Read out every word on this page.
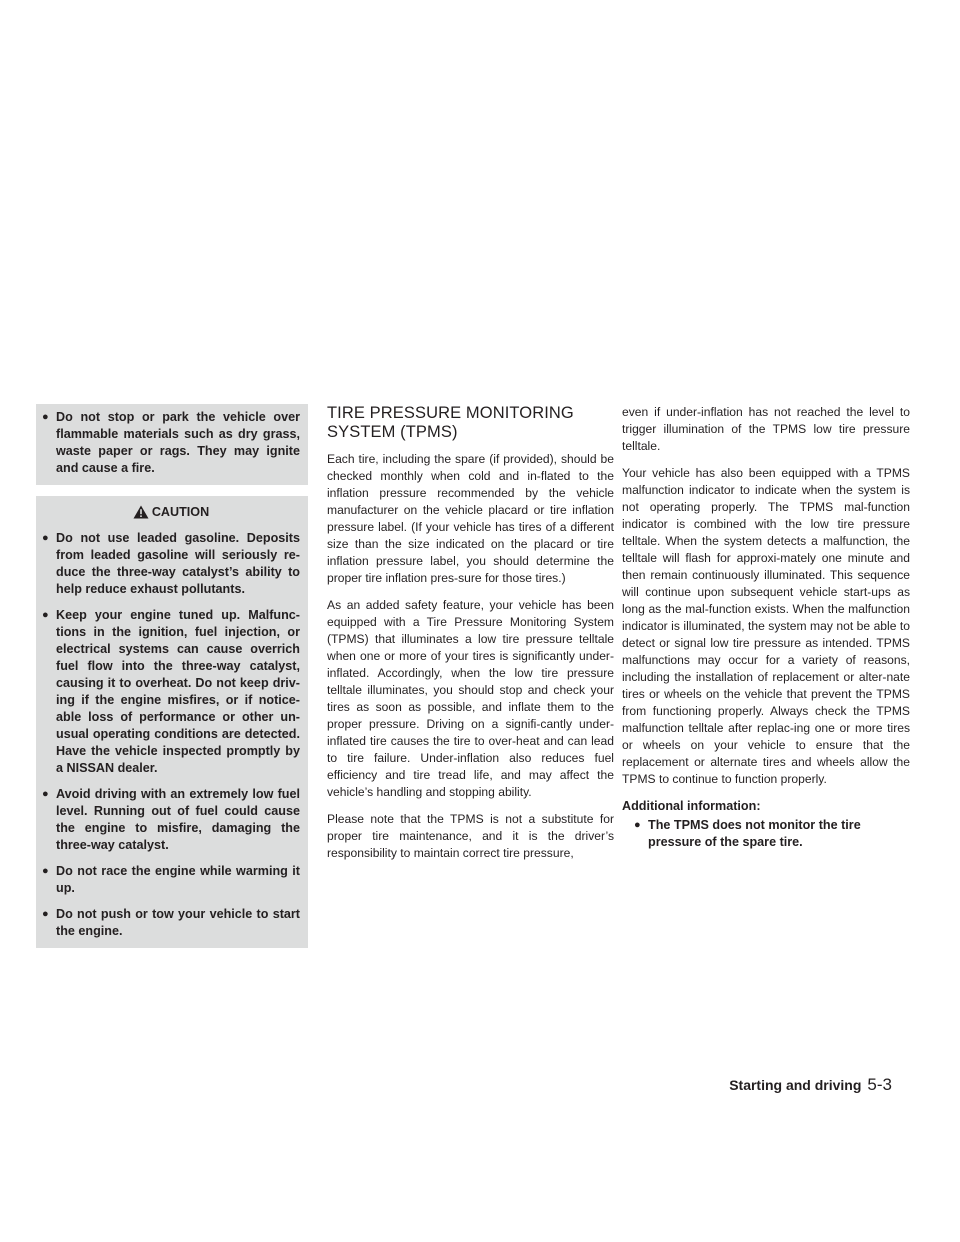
● Do not stop or park the vehicle over flammable materials such as dry grass, waste paper or rags. They may ignite and cause a fire.
CAUTION
● Do not use leaded gasoline. Deposits from leaded gasoline will seriously re-duce the three-way catalyst’s ability to help reduce exhaust pollutants.
● Keep your engine tuned up. Malfunc-tions in the ignition, fuel injection, or electrical systems can cause overrich fuel flow into the three-way catalyst, causing it to overheat. Do not keep driv-ing if the engine misfires, or if notice-able loss of performance or other un-usual operating conditions are detected. Have the vehicle inspected promptly by a NISSAN dealer.
● Avoid driving with an extremely low fuel level. Running out of fuel could cause the engine to misfire, damaging the three-way catalyst.
● Do not race the engine while warming it up.
● Do not push or tow your vehicle to start the engine.
TIRE PRESSURE MONITORING SYSTEM (TPMS)

Each tire, including the spare (if provided), should be checked monthly when cold and in-flated to the inflation pressure recommended by the vehicle manufacturer on the vehicle placard or tire inflation pressure label. (If your vehicle has tires of a different size than the size indicated on the placard or tire inflation pressure label, you should determine the proper tire inflation pres-sure for those tires.)

As an added safety feature, your vehicle has been equipped with a Tire Pressure Monitoring System (TPMS) that illuminates a low tire pressure telltale when one or more of your tires is significantly under-inflated. Accordingly, when the low tire pressure telltale illuminates, you should stop and check your tires as soon as possible, and inflate them to the proper pressure. Driving on a signifi-cantly under-inflated tire causes the tire to over-heat and can lead to tire failure. Under-inflation also reduces fuel efficiency and tire tread life, and may affect the vehicle’s handling and stopping ability.

Please note that the TPMS is not a substitute for proper tire maintenance, and it is the driver’s responsibility to maintain correct tire pressure,

even if under-inflation has not reached the level to trigger illumination of the TPMS low tire pressure telltale.

Your vehicle has also been equipped with a TPMS malfunction indicator to indicate when the system is not operating properly. The TPMS mal-function indicator is combined with the low tire pressure telltale. When the system detects a malfunction, the telltale will flash for approxi-mately one minute and then remain continuously illuminated. This sequence will continue upon subsequent vehicle start-ups as long as the mal-function exists. When the malfunction indicator is illuminated, the system may not be able to detect or signal low tire pressure as intended. TPMS malfunctions may occur for a variety of reasons, including the installation of replacement or alter-nate tires or wheels on the vehicle that prevent the TPMS from functioning properly. Always check the TPMS malfunction telltale after replac-ing one or more tires or wheels on your vehicle to ensure that the replacement or alternate tires and wheels allow the TPMS to continue to function properly.

Additional information:

● The TPMS does not monitor the tire pressure of the spare tire.
Starting and driving 5-3
